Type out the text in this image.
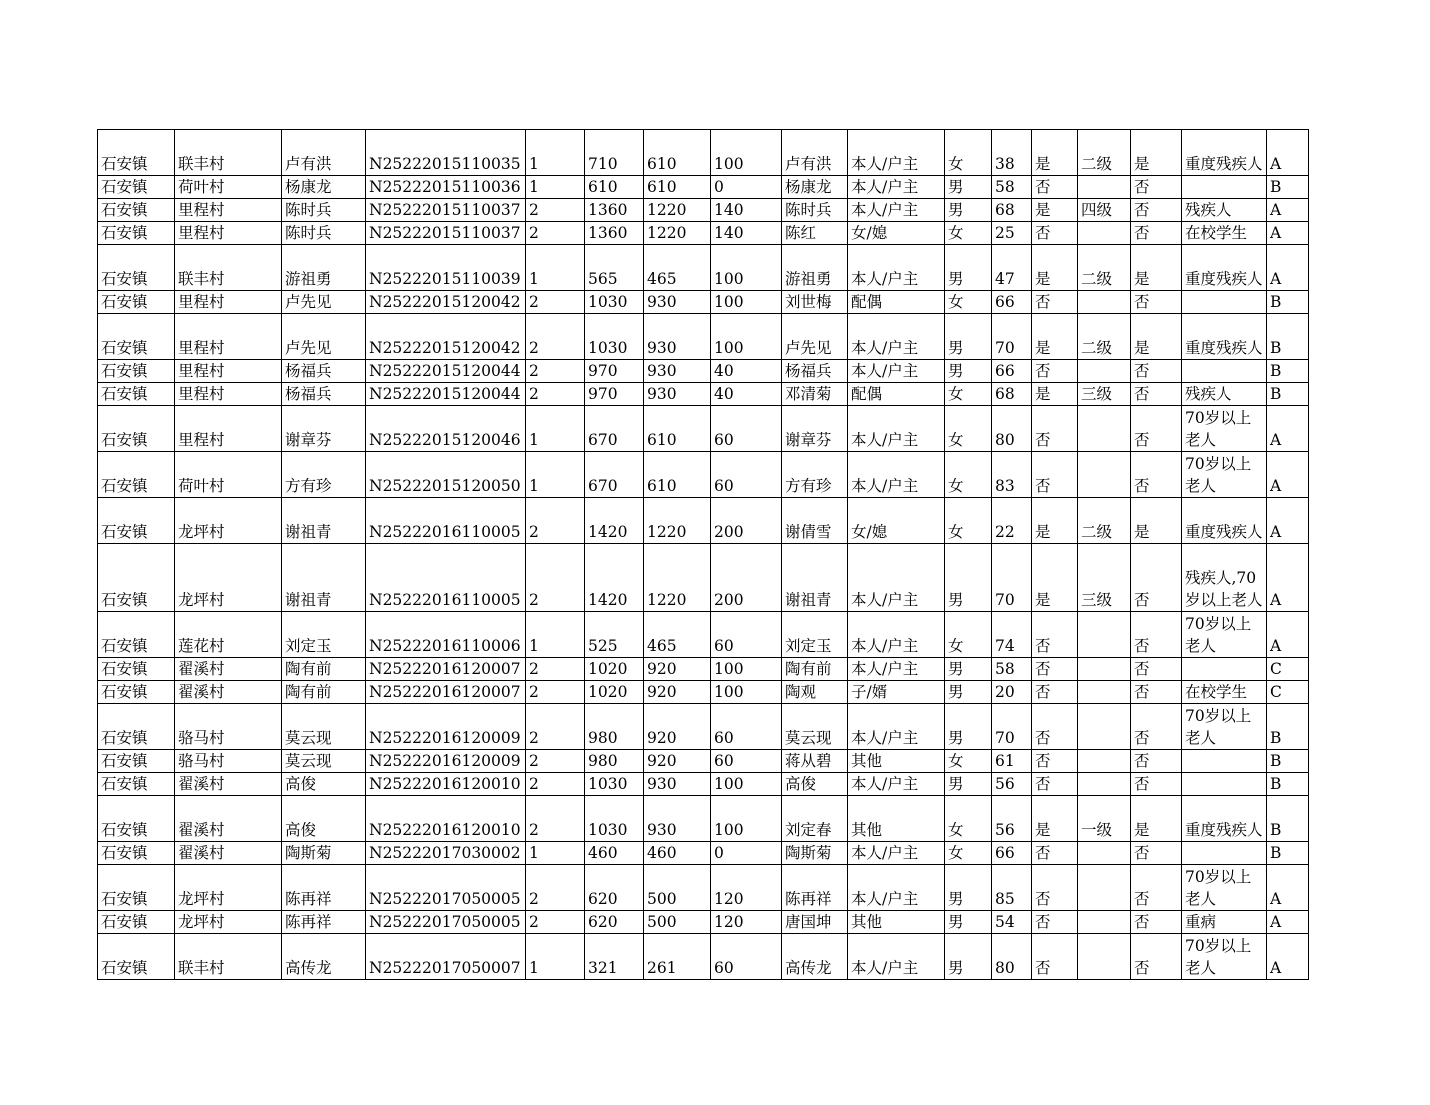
石安镇	联丰村	卢有洪	N25222015110035	1	710	610	100	卢有洪	本人/户主	女	38	是	二级	是	重度残疾人	A
石安镇	荷叶村	杨康龙	N25222015110036	1	610	610	0	杨康龙	本人/户主	男	58	否		否		B
石安镇	里程村	陈时兵	N25222015110037	2	1360	1220	140	陈时兵	本人/户主	男	68	是	四级	否	残疾人	A
石安镇	里程村	陈时兵	N25222015110037	2	1360	1220	140	陈红	女/媳	女	25	否		否	在校学生	A
石安镇	联丰村	游祖勇	N25222015110039	1	565	465	100	游祖勇	本人/户主	男	47	是	二级	是	重度残疾人	A
石安镇	里程村	卢先见	N25222015120042	2	1030	930	100	刘世梅	配偶	女	66	否		否		B
石安镇	里程村	卢先见	N25222015120042	2	1030	930	100	卢先见	本人/户主	男	70	是	二级	是	重度残疾人	B
石安镇	里程村	杨福兵	N25222015120044	2	970	930	40	杨福兵	本人/户主	男	66	否		否		B
石安镇	里程村	杨福兵	N25222015120044	2	970	930	40	邓清菊	配偶	女	68	是	三级	否	残疾人	B
石安镇	里程村	谢章芬	N25222015120046	1	670	610	60	谢章芬	本人/户主	女	80	否		否	70岁以上老人	A
石安镇	荷叶村	方有珍	N25222015120050	1	670	610	60	方有珍	本人/户主	女	83	否		否	70岁以上老人	A
石安镇	龙坪村	谢祖青	N25222016110005	2	1420	1220	200	谢倩雪	女/媳	女	22	是	二级	是	重度残疾人	A
石安镇	龙坪村	谢祖青	N25222016110005	2	1420	1220	200	谢祖青	本人/户主	男	70	是	三级	否	残疾人,70岁以上老人	A
石安镇	莲花村	刘定玉	N25222016110006	1	525	465	60	刘定玉	本人/户主	女	74	否		否	70岁以上老人	A
石安镇	翟溪村	陶有前	N25222016120007	2	1020	920	100	陶有前	本人/户主	男	58	否		否		C
石安镇	翟溪村	陶有前	N25222016120007	2	1020	920	100	陶观	子/婿	男	20	否		否	在校学生	C
石安镇	骆马村	莫云现	N25222016120009	2	980	920	60	莫云现	本人/户主	男	70	否		否	70岁以上老人	B
石安镇	骆马村	莫云现	N25222016120009	2	980	920	60	蒋从碧	其他	女	61	否		否		B
石安镇	翟溪村	高俊	N25222016120010	2	1030	930	100	高俊	本人/户主	男	56	否		否		B
石安镇	翟溪村	高俊	N25222016120010	2	1030	930	100	刘定春	其他	女	56	是	一级	是	重度残疾人	B
石安镇	翟溪村	陶斯菊	N25222017030002	1	460	460	0	陶斯菊	本人/户主	女	66	否		否		B
石安镇	龙坪村	陈再祥	N25222017050005	2	620	500	120	陈再祥	本人/户主	男	85	否		否	70岁以上老人	A
石安镇	龙坪村	陈再祥	N25222017050005	2	620	500	120	唐国坤	其他	男	54	否		否	重病	A
石安镇	联丰村	高传龙	N25222017050007	1	321	261	60	高传龙	本人/户主	男	80	否		否	70岁以上老人	A
